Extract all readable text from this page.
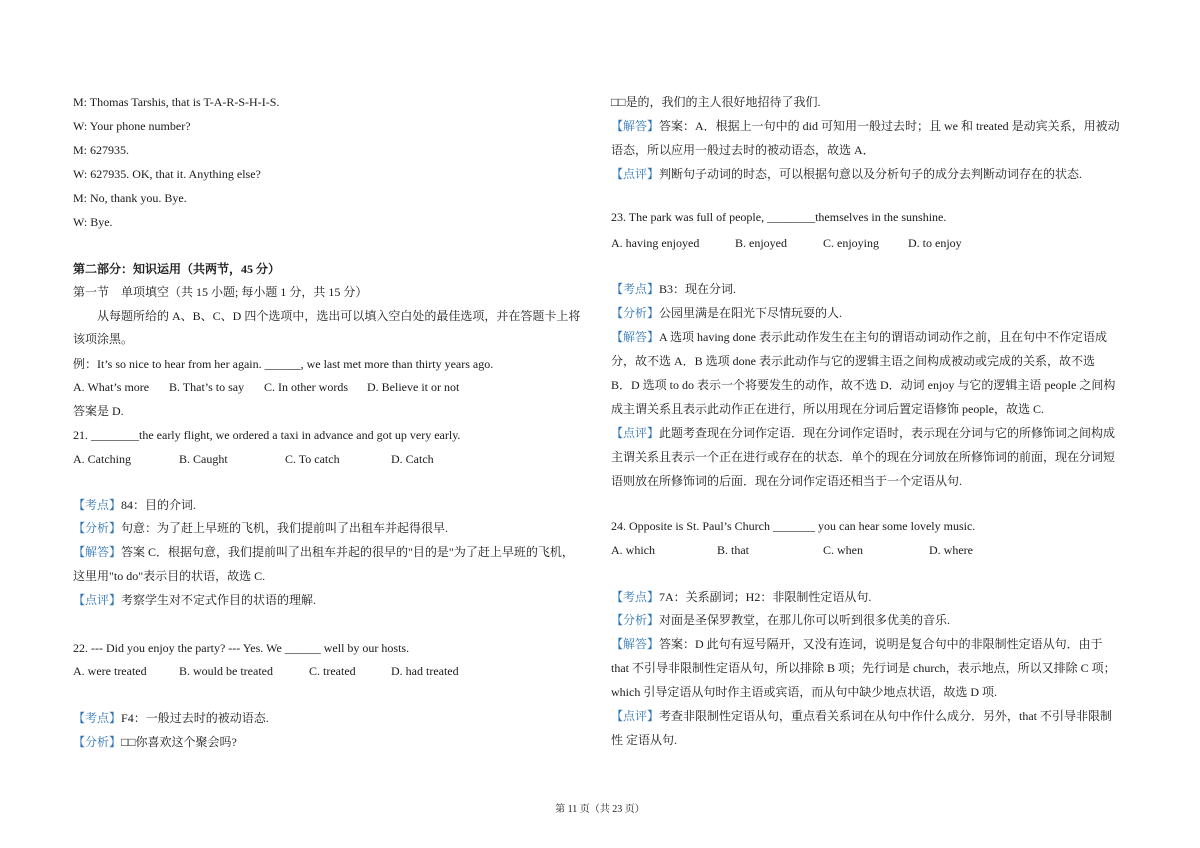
M: Thomas Tarshis, that is T-A-R-S-H-I-S.
W: Your phone number?
M: 627935.
W: 627935. OK, that it. Anything else?
M: No, thank you. Bye.
W: Bye.
第二部分：知识运用（共两节，45 分）
第一节　单项填空（共 15 小题; 每小题 1 分，共 15 分）
从每题所给的 A、B、C、D 四个选项中，选出可以填入空白处的最佳选项，并在答题卡上将
该项涂黑。
例：It’s so nice to hear from her again. ______, we last met more than thirty years ago.
A. What’s more B. That’s to say C. In other words D. Believe it or not
答案是 D.
21. ________the early flight, we ordered a taxi in advance and got up very early.
A. Catching	B. Caught	C. To catch	D. Catch
【考点】84：目的介词.
【分析】句意：为了赶上早班的飞机，我们提前叫了出租车并起得很早.
【解答】答案 C．根据句意，我们提前叫了出租车并起的很早的"目的是"为了赶上早班的飞机，
这里用"to do"表示目的状语，故选 C.
【点评】考察学生对不定式作目的状语的理解.
22. --- Did you enjoy the party? --- Yes. We ______ well by our hosts.
A. were treated	B. would be treated	C. treated	D. had treated
【考点】F4：一般过去时的被动语态.
【分析】□□你喜欢这个聚会吗?
□□是的，我们的主人很好地招待了我们.
【解答】答案：A．根据上一句中的 did 可知用一般过去时；且 we 和 treated 是动宾关系，用被动
语态，所以应用一般过去时的被动语态，故选 A．
【点评】判断句子动词的时态，可以根据句意以及分析句子的成分去判断动词存在的状态.
23. The park was full of people, ________themselves in the sunshine.
A. having enjoyed	B. enjoyed	C. enjoying D. to enjoy
【考点】B3：现在分词.
【分析】公园里满是在阳光下尽情玩耍的人.
【解答】A 选项 having done 表示此动作发生在主句的谓语动词动作之前，且在句中不作定语成
分，故不选 A．B 选项 done 表示此动作与它的逻辑主语之间构成被动或完成的关系，故不选
B．D 选项 to do 表示一个将要发生的动作，故不选 D．动词 enjoy 与它的逻辑主语 people 之间构
成主谓关系且表示此动作正在进行，所以用现在分词后置定语修饰 people，故选 C.
【点评】此题考查现在分词作定语．现在分词作定语时，表示现在分词与它的所修饰词之间构成
主谓关系且表示一个正在进行或存在的状态．单个的现在分词放在所修饰词的前面，现在分词短
语则放在所修饰词的后面．现在分词作定语还相当于一个定语从句.
24. Opposite is St. Paul’s Church _______ you can hear some lovely music.
A. which	B. that	C. when	D. where
【考点】7A：关系副词；H2：非限制性定语从句.
【分析】对面是圣保罗教堂，在那儿你可以听到很多优美的音乐.
【解答】答案：D 此句有逗号隔开，又没有连词，说明是复合句中的非限制性定语从句．由于
that 不引导非限制性定语从句，所以排除 B 项；先行词是 church，表示地点，所以又排除 C 项；
which 引导定语从句时作主语或宾语，而从句中缺少地点状语，故选 D 项.
【点评】考查非限制性定语从句，重点看关系词在从句中作什么成分．另外，that 不引导非限制
性 定语从句.
第 11 页（共 23 页）
